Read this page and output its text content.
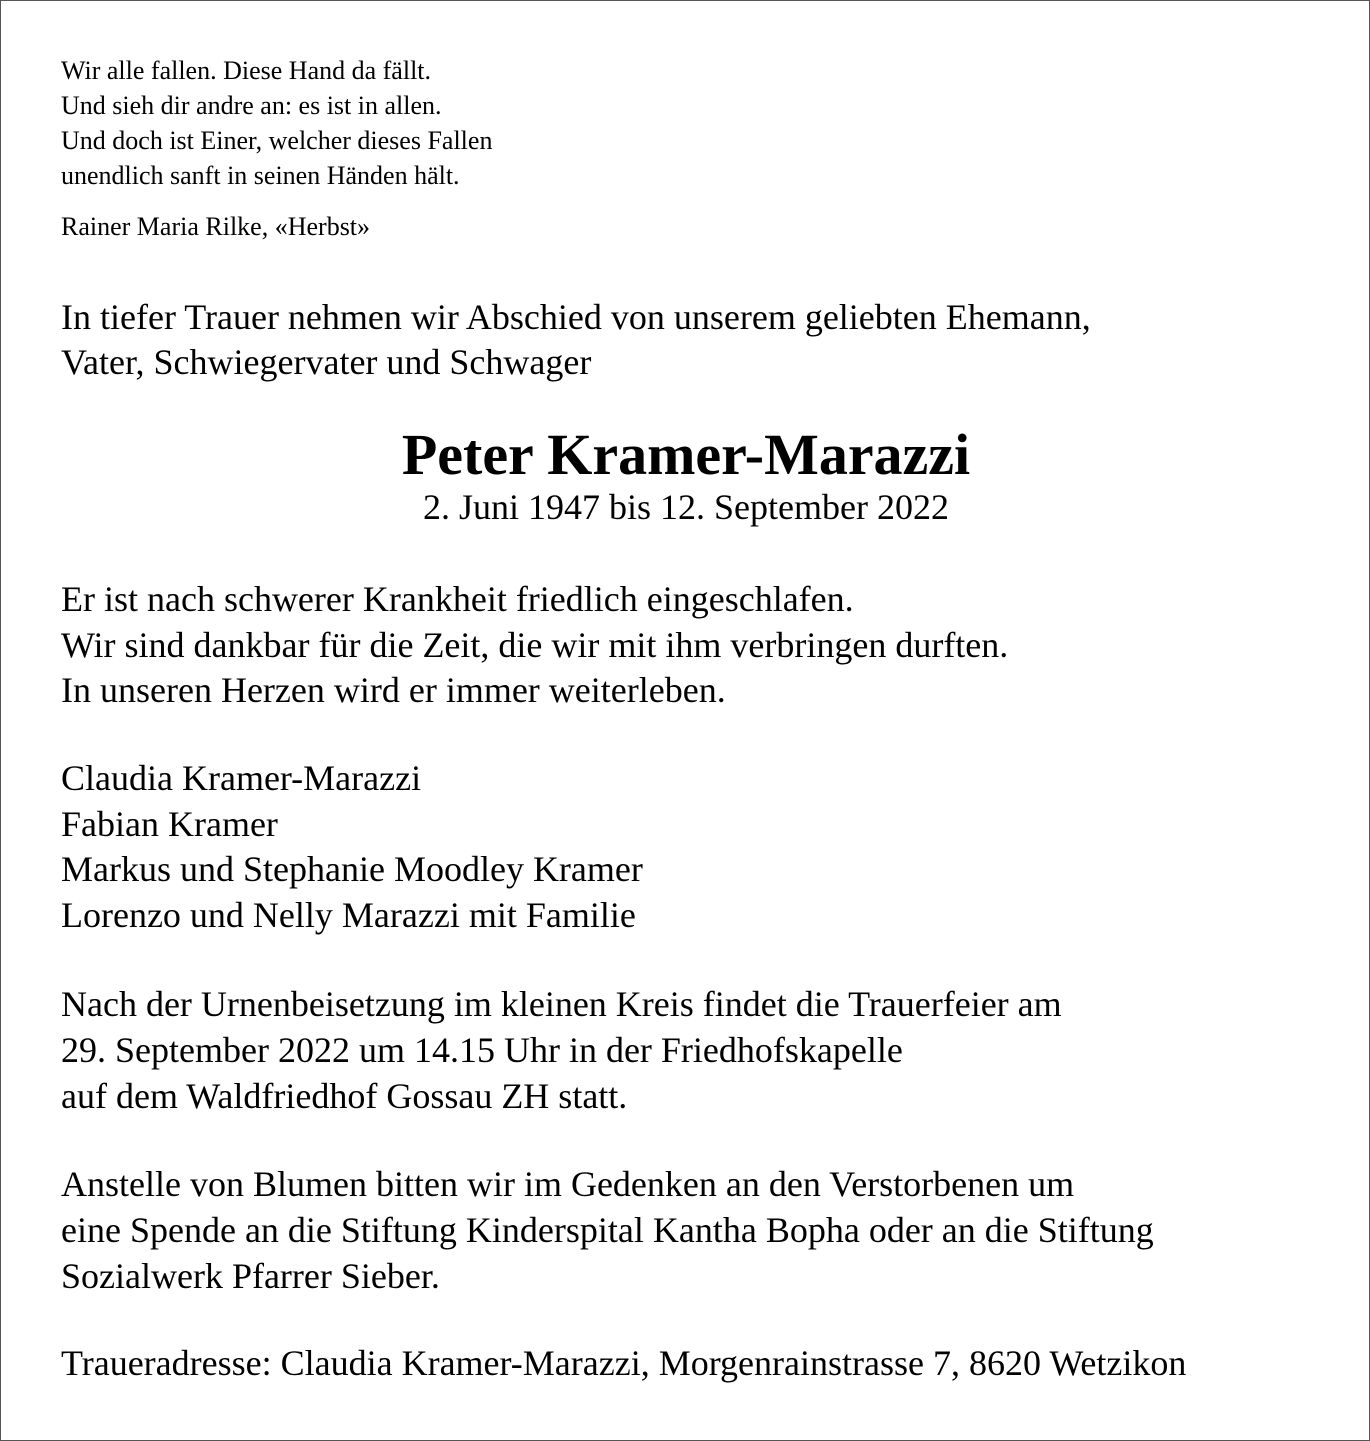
Wir alle fallen. Diese Hand da fällt.
Und sieh dir andre an: es ist in allen.
Und doch ist Einer, welcher dieses Fallen
unendlich sanft in seinen Händen hält.
Rainer Maria Rilke, «Herbst»
In tiefer Trauer nehmen wir Abschied von unserem geliebten Ehemann,
Vater, Schwiegervater und Schwager
Peter Kramer-Marazzi
2. Juni 1947 bis 12. September 2022
Er ist nach schwerer Krankheit friedlich eingeschlafen.
Wir sind dankbar für die Zeit, die wir mit ihm verbringen durften.
In unseren Herzen wird er immer weiterleben.
Claudia Kramer-Marazzi
Fabian Kramer
Markus und Stephanie Moodley Kramer
Lorenzo und Nelly Marazzi mit Familie
Nach der Urnenbeisetzung im kleinen Kreis findet die Trauerfeier am
29. September 2022 um 14.15 Uhr in der Friedhofskapelle
auf dem Waldfriedhof Gossau ZH statt.
Anstelle von Blumen bitten wir im Gedenken an den Verstorbenen um
eine Spende an die Stiftung Kinderspital Kantha Bopha oder an die Stiftung
Sozialwerk Pfarrer Sieber.
Traueradresse: Claudia Kramer-Marazzi, Morgenrainstrasse 7, 8620 Wetzikon
